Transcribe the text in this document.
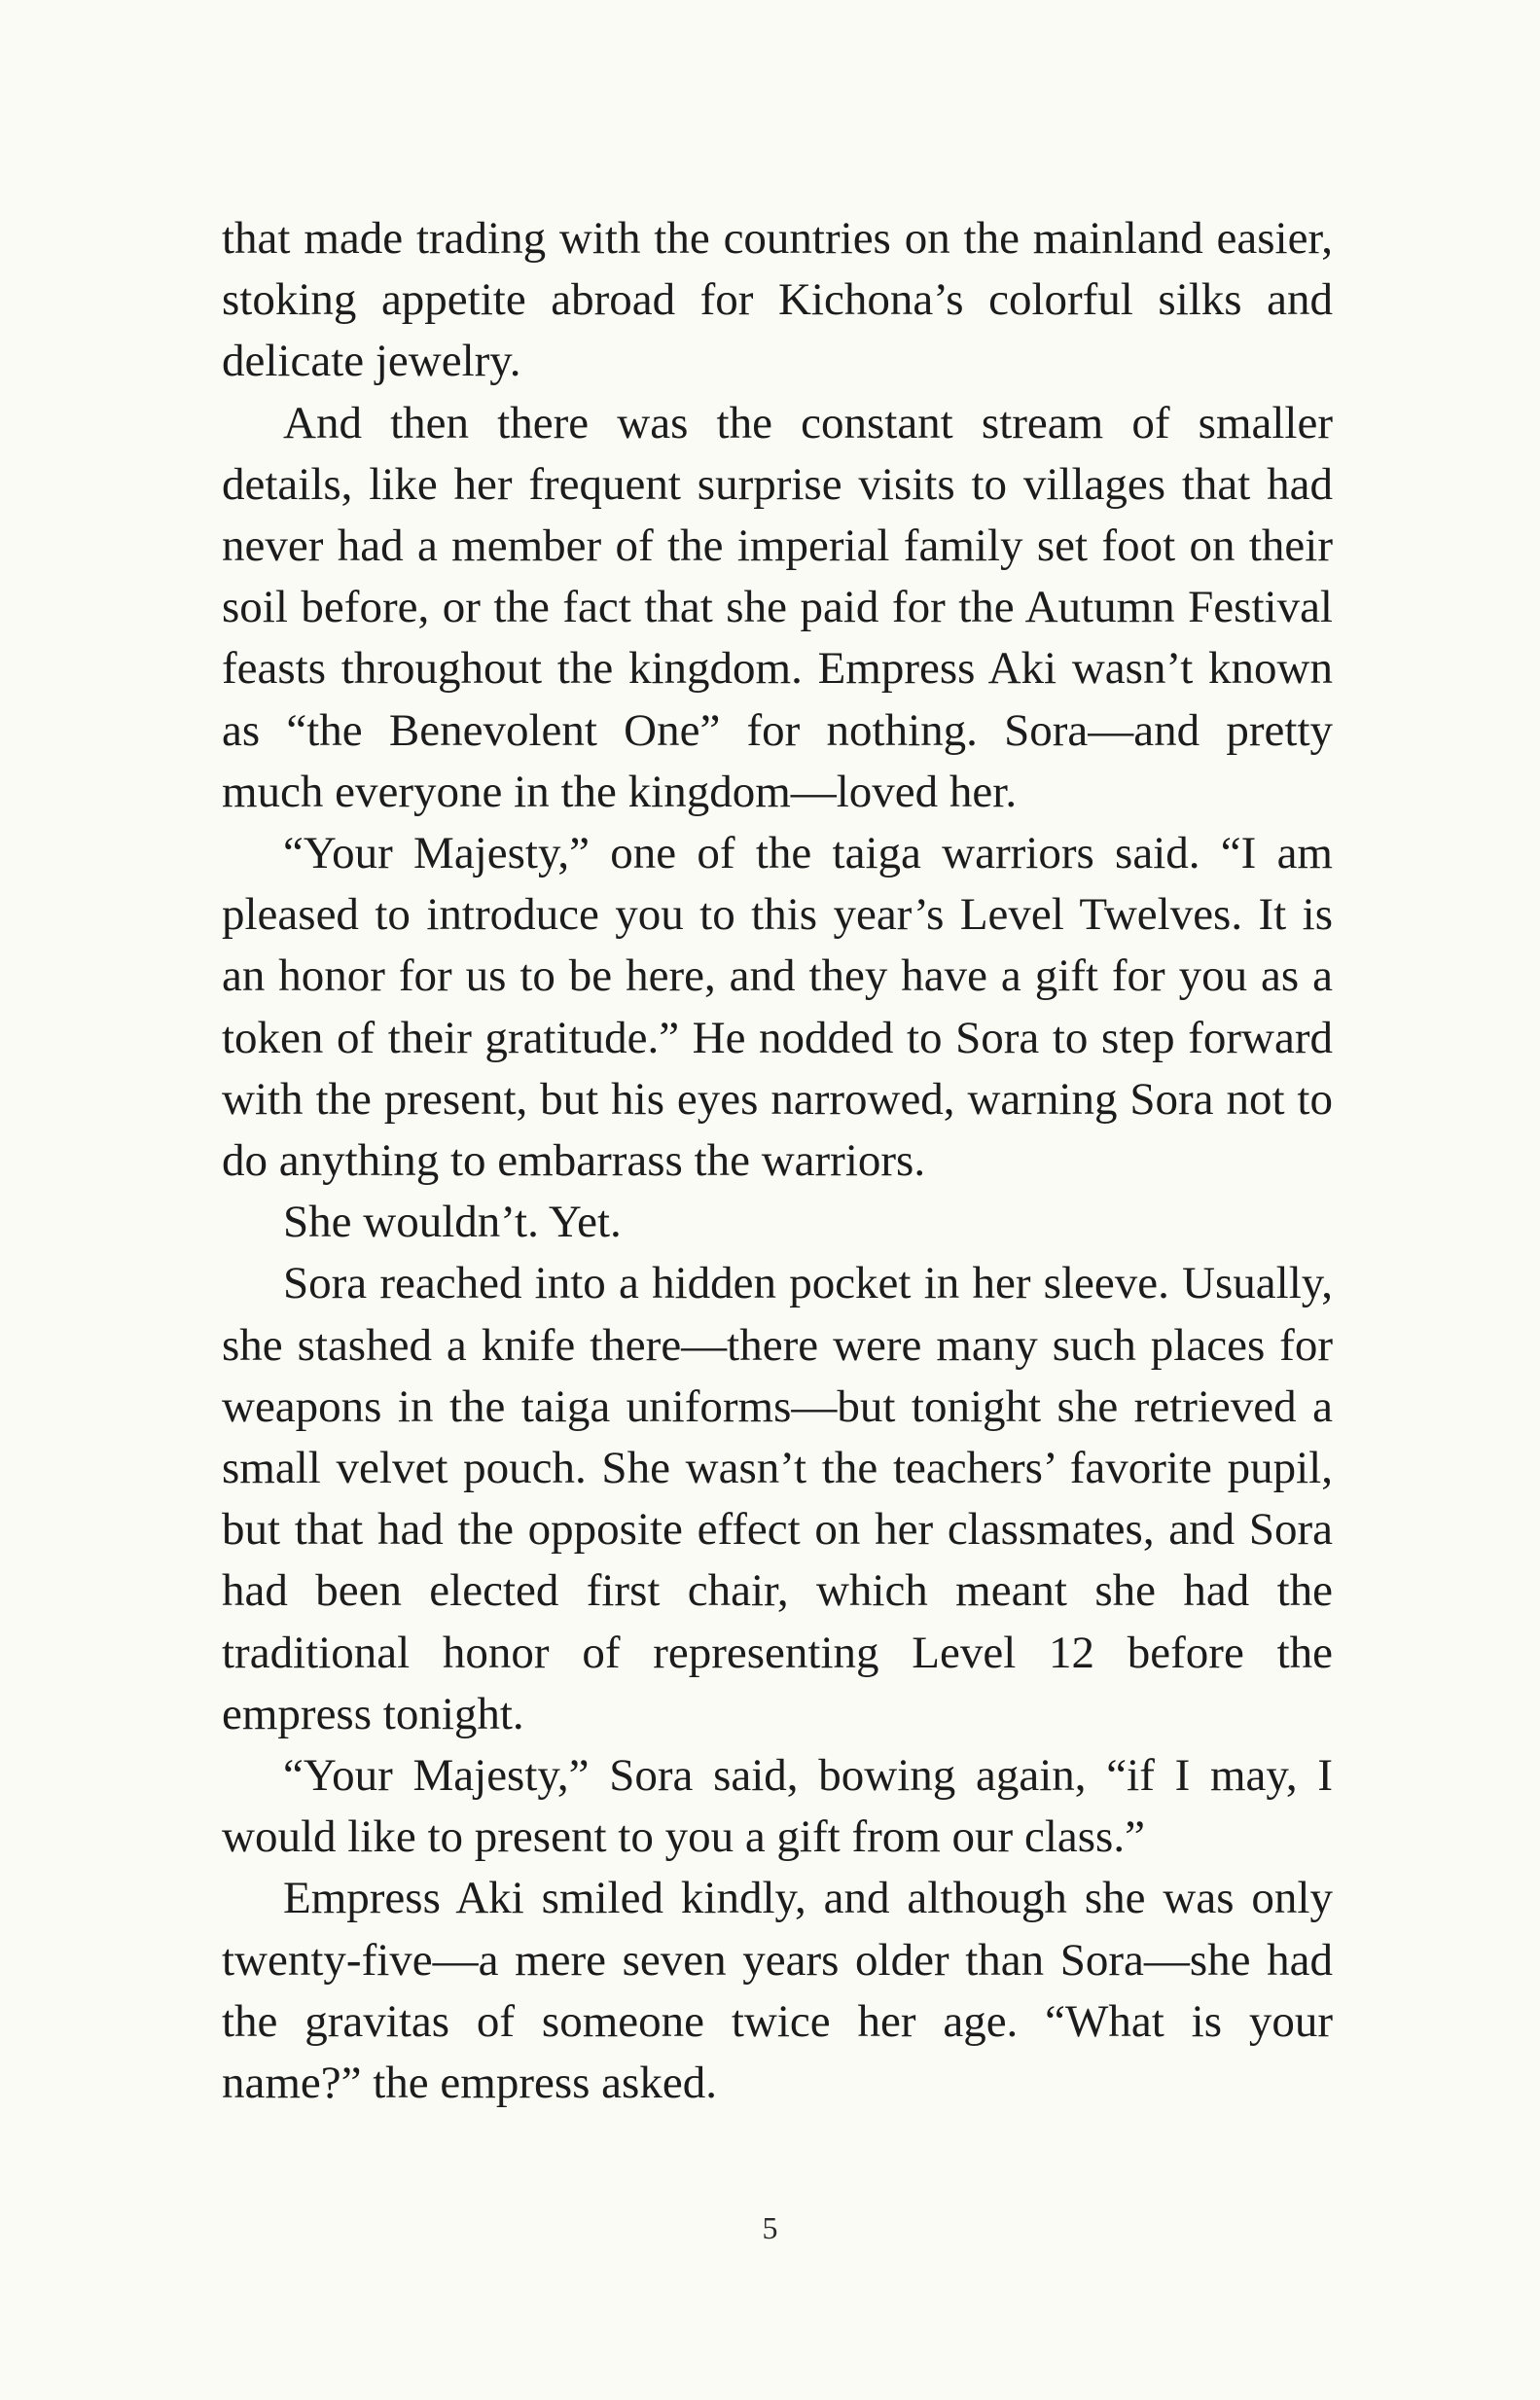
that made trading with the countries on the mainland easier, stoking appetite abroad for Kichona’s colorful silks and delicate jewelry.

And then there was the constant stream of smaller details, like her frequent surprise visits to villages that had never had a member of the imperial family set foot on their soil before, or the fact that she paid for the Autumn Festival feasts throughout the kingdom. Empress Aki wasn’t known as “the Benevolent One” for nothing. Sora—and pretty much everyone in the kingdom—loved her.

“Your Majesty,” one of the taiga warriors said. “I am pleased to introduce you to this year’s Level Twelves. It is an honor for us to be here, and they have a gift for you as a token of their gratitude.” He nodded to Sora to step forward with the present, but his eyes narrowed, warning Sora not to do anything to embarrass the warriors.

She wouldn’t. Yet.

Sora reached into a hidden pocket in her sleeve. Usually, she stashed a knife there—there were many such places for weapons in the taiga uniforms—but tonight she retrieved a small velvet pouch. She wasn’t the teachers’ favorite pupil, but that had the opposite effect on her classmates, and Sora had been elected first chair, which meant she had the traditional honor of representing Level 12 before the empress tonight.

“Your Majesty,” Sora said, bowing again, “if I may, I would like to present to you a gift from our class.”

Empress Aki smiled kindly, and although she was only twenty-five—a mere seven years older than Sora—she had the gravitas of someone twice her age. “What is your name?” the empress asked.

5
